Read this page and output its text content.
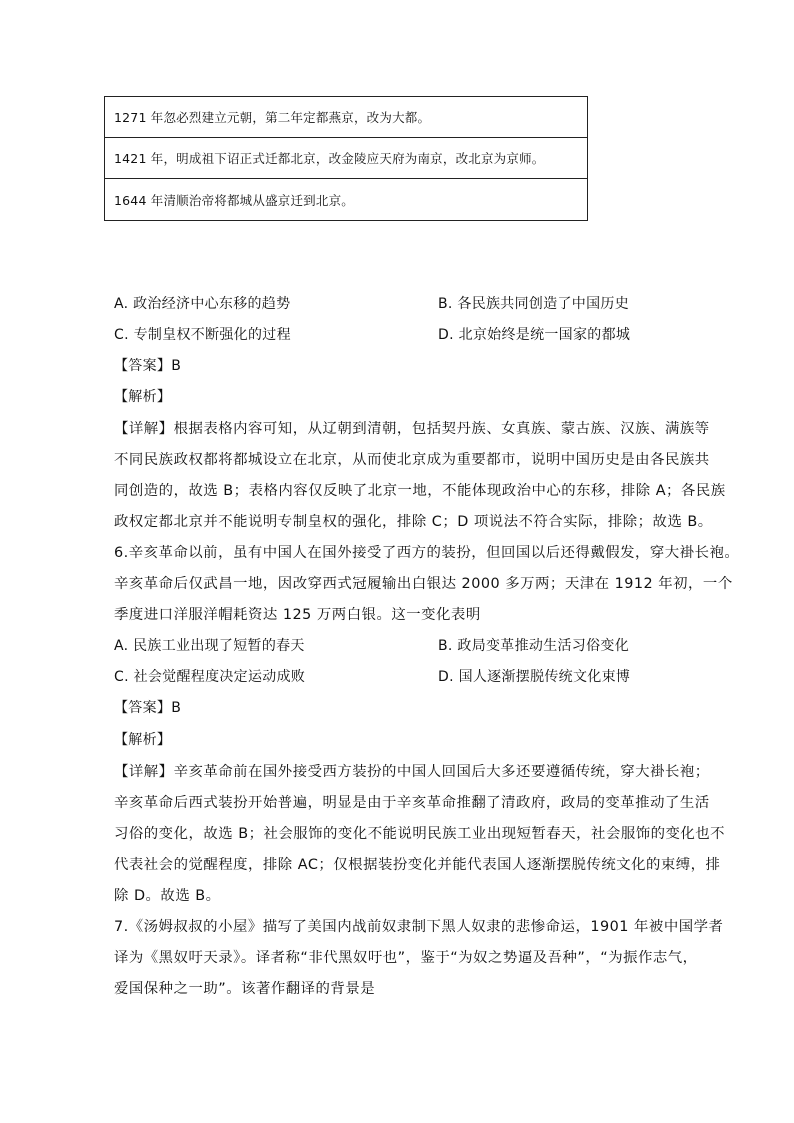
1271 年忽必烈建立元朝，第二年定都燕京，改为大都。
1421 年，明成祖下诏正式迁都北京，改金陵应天府为南京，改北京为京师。
1644 年清顺治帝将都城从盛京迁到北京。
A. 政治经济中心东移的趋势	B. 各民族共同创造了中国历史
C. 专制皇权不断强化的过程	D. 北京始终是统一国家的都城
【答案】B
【解析】
【详解】根据表格内容可知，从辽朝到清朝，包括契丹族、女真族、蒙古族、汉族、满族等
不同民族政权都将都城设立在北京，从而使北京成为重要都市，说明中国历史是由各民族共
同创造的，故选 B；表格内容仅反映了北京一地，不能体现政治中心的东移，排除 A；各民族
政权定都北京并不能说明专制皇权的强化，排除 C；D 项说法不符合实际，排除；故选 B。
6.辛亥革命以前，虽有中国人在国外接受了西方的装扮，但回国以后还得戴假发，穿大褂长袍。
辛亥革命后仅武昌一地，因改穿西式冠履输出白银达 2000 多万两；天津在 1912 年初，一个
季度进口洋服洋帽耗资达 125 万两白银。这一变化表明
A. 民族工业出现了短暂的春天	B. 政局变革推动生活习俗变化
C. 社会觉醒程度决定运动成败	D. 国人逐渐摆脱传统文化束博
【答案】B
【解析】
【详解】辛亥革命前在国外接受西方装扮的中国人回国后大多还要遵循传统，穿大褂长袍；
辛亥革命后西式装扮开始普遍，明显是由于辛亥革命推翻了清政府，政局的变革推动了生活
习俗的变化，故选 B；社会服饰的变化不能说明民族工业出现短暂春天，社会服饰的变化也不
代表社会的觉醒程度，排除 AC；仅根据装扮变化并能代表国人逐渐摆脱传统文化的束缚，排
除 D。故选 B。
7.《汤姆叔叔的小屋》描写了美国内战前奴隶制下黑人奴隶的悲惨命运，1901 年被中国学者
译为《黑奴吁天录》。译者称“非代黑奴吁也”，鉴于“为奴之势逼及吾种”，“为振作志气，
爱国保种之一助”。该著作翻译的背景是
